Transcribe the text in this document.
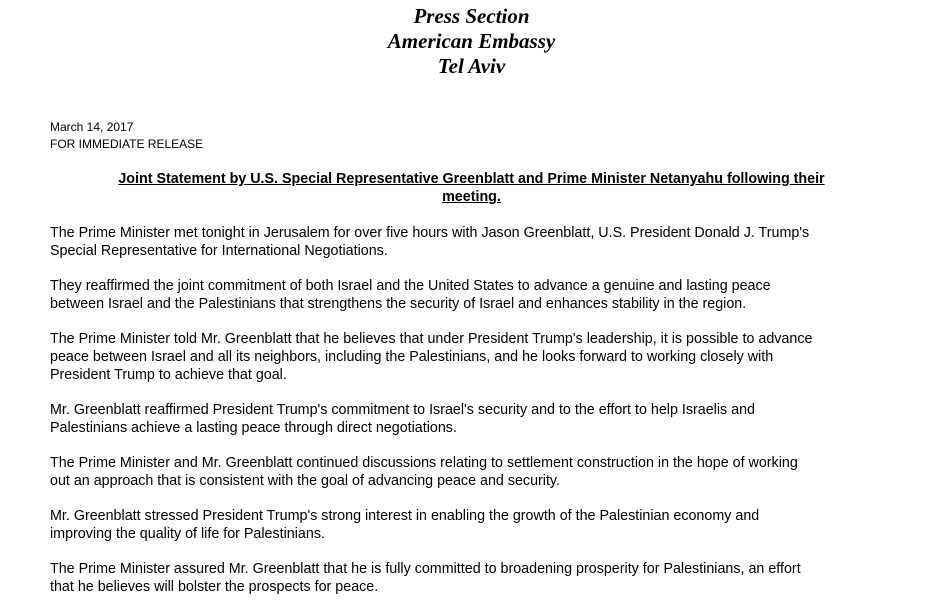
Press Section
American Embassy
Tel Aviv
March 14, 2017
FOR IMMEDIATE RELEASE
Joint Statement by U.S. Special Representative Greenblatt and Prime Minister Netanyahu following their
meeting.

The Prime Minister met tonight in Jerusalem for over five hours with Jason Greenblatt, U.S. President Donald J. Trump's
Special Representative for International Negotiations.

They reaffirmed the joint commitment of both Israel and the United States to advance a genuine and lasting peace
between Israel and the Palestinians that strengthens the security of Israel and enhances stability in the region.

The Prime Minister told Mr. Greenblatt that he believes that under President Trump's leadership, it is possible to advance
peace between Israel and all its neighbors, including the Palestinians, and he looks forward to working closely with
President Trump to achieve that goal.

Mr. Greenblatt reaffirmed President Trump's commitment to Israel's security and to the effort to help Israelis and
Palestinians achieve a lasting peace through direct negotiations.

The Prime Minister and Mr. Greenblatt continued discussions relating to settlement construction in the hope of working
out an approach that is consistent with the goal of advancing peace and security.

Mr. Greenblatt stressed President Trump's strong interest in enabling the growth of the Palestinian economy and
improving the quality of life for Palestinians.

The Prime Minister assured Mr. Greenblatt that he is fully committed to broadening prosperity for Palestinians, an effort
that he believes will bolster the prospects for peace.
